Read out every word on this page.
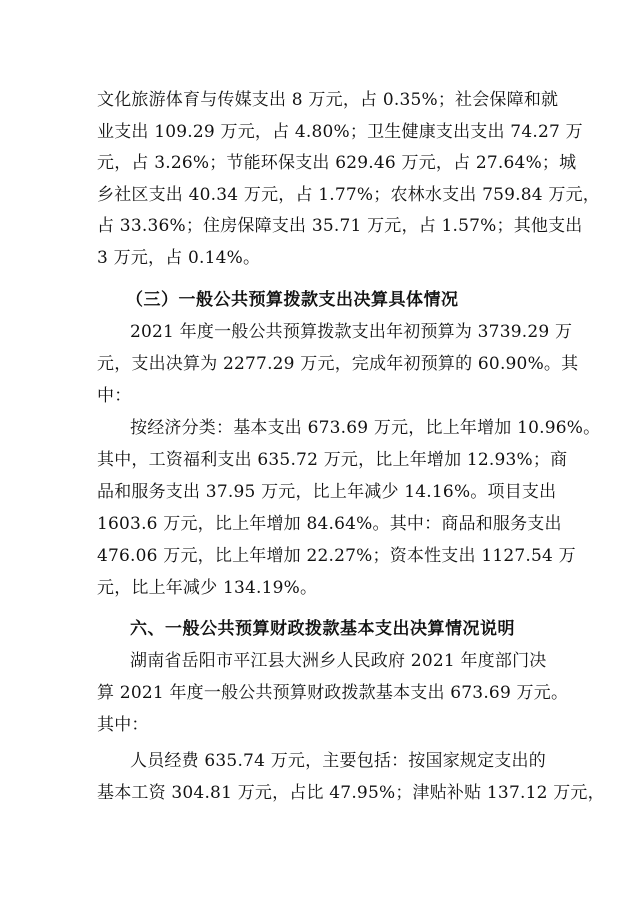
文化旅游体育与传媒支出 8 万元，占 0.35%；社会保障和就
业支出 109.29 万元，占 4.80%；卫生健康支出支出 74.27 万
元，占 3.26%；节能环保支出 629.46 万元，占 27.64%；城
乡社区支出 40.34 万元，占 1.77%；农林水支出 759.84 万元，
占 33.36%；住房保障支出 35.71 万元，占 1.57%；其他支出
3 万元，占 0.14%。
（三）一般公共预算拨款支出决算具体情况
2021 年度一般公共预算拨款支出年初预算为 3739.29 万
元，支出决算为 2277.29 万元，完成年初预算的 60.90%。其
中：
按经济分类：基本支出 673.69 万元，比上年增加 10.96%。
其中，工资福利支出 635.72 万元，比上年增加 12.93%；商
品和服务支出 37.95 万元，比上年减少 14.16%。项目支出
1603.6 万元，比上年增加 84.64%。其中：商品和服务支出
476.06 万元，比上年增加 22.27%；资本性支出 1127.54 万
元，比上年减少 134.19%。
六、一般公共预算财政拨款基本支出决算情况说明
湖南省岳阳市平江县大洲乡人民政府 2021 年度部门决
算 2021 年度一般公共预算财政拨款基本支出 673.69 万元。
其中：
人员经费 635.74 万元，主要包括：按国家规定支出的
基本工资 304.81 万元，占比 47.95%；津贴补贴 137.12 万元，
